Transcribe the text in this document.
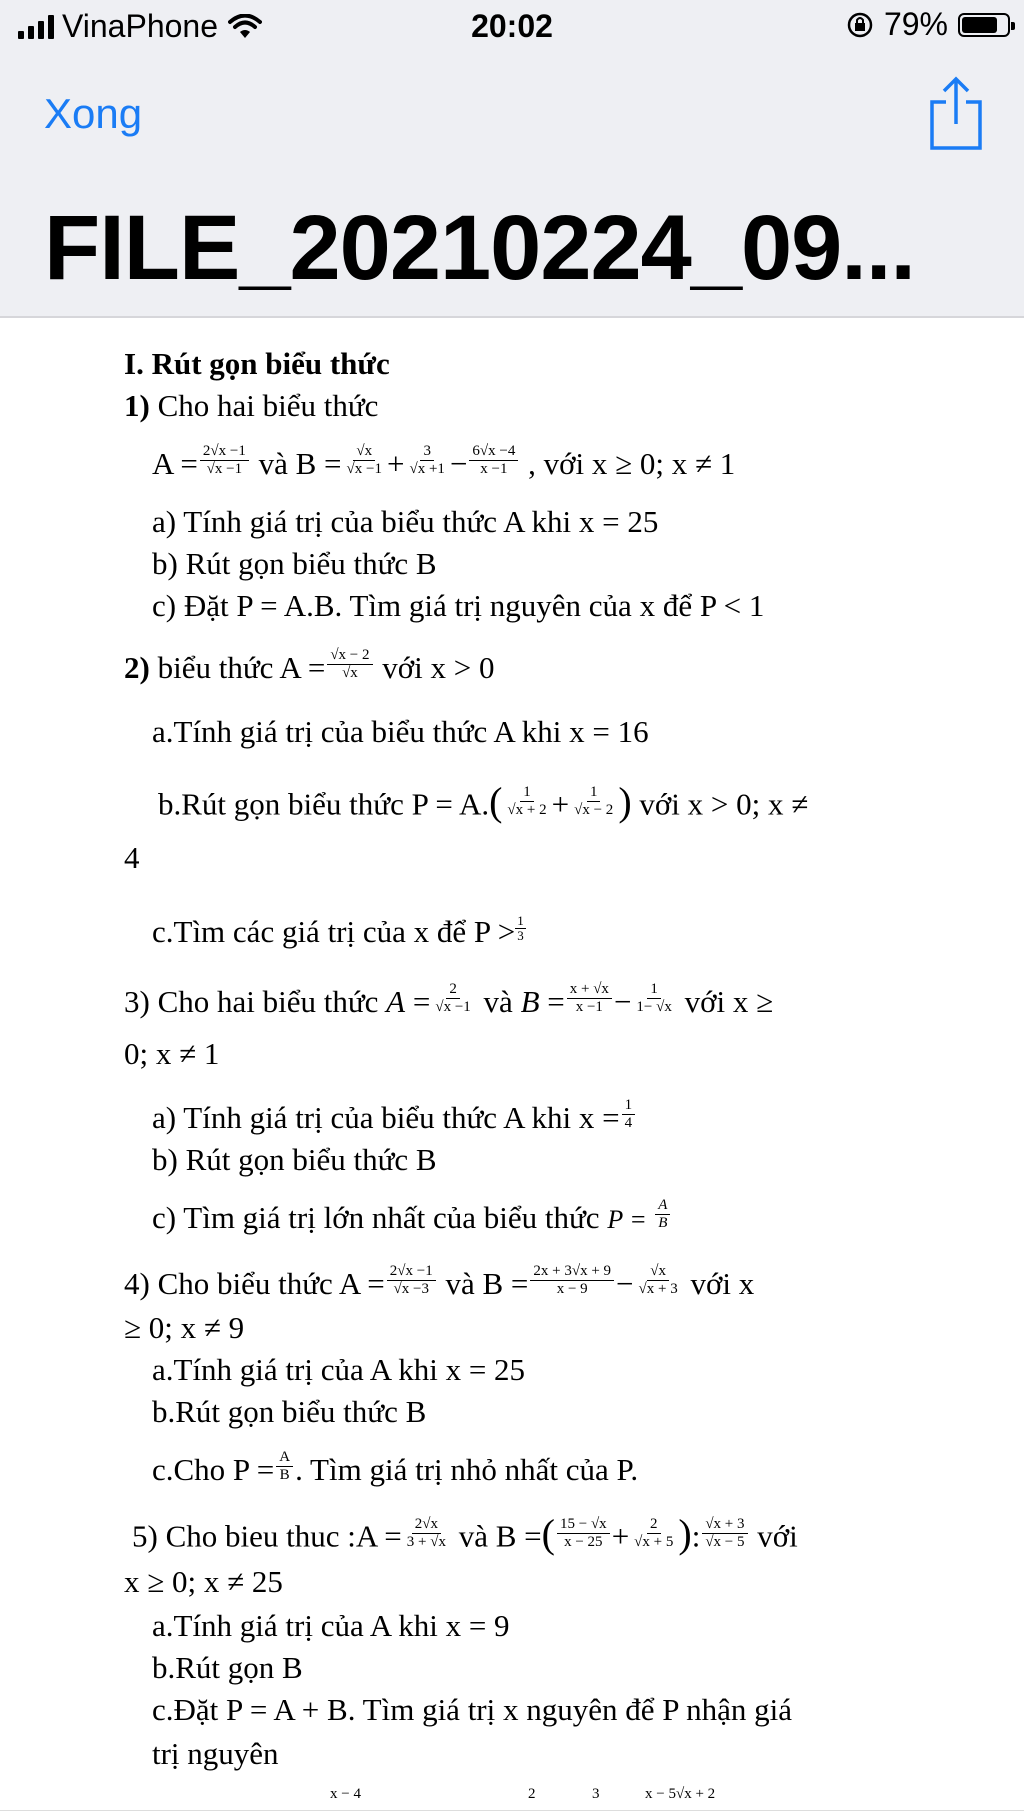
VinaPhone	20:02	79%
Xong
FILE_20210224_09...
I. Rút gọn biểu thức
1) Cho hai biểu thức
$A = \frac{2√x -1}{√x -1}$ và $B = \frac{√x}{√x -1} + \frac{3}{√x +1} - \frac{6√x -4}{x -1}$ , với x ≥ 0; x ≠ 1
a) Tính giá trị của biểu thức A khi x = 25
b) Rút gọn biểu thức B
c) Đặt P = A.B. Tìm giá trị nguyên của x để P < 1
2) biểu thức $A = \frac{√x - 2}{√x}$ với x > 0
a.Tính giá trị của biểu thức A khi x = 16
b.Rút gọn biểu thức $P = A.( \frac{1}{√x + 2} + \frac{1}{√x - 2}$ ) với x > 0; x ≠
4
c.Tìm các giá trị của x để $P > \frac{1}{3}$
3) Cho hai biểu thức $A = \frac{2}{√x -1}$ và $B = \frac{x + √x}{x -1} - \frac{1}{1- √x}$ với x ≥
0; x ≠ 1
a) Tính giá trị của biểu thức A khi $x = \frac{1}{4}$
b) Rút gọn biểu thức B
c) Tìm giá trị lớn nhất của biểu thức $P = \frac{A}{B}$
4) Cho biểu thức $A = \frac{2√x -1}{√x -3}$ và $B = \frac{2x + 3√x + 9}{x - 9} - \frac{√x}{√x + 3}$ với x
≥ 0; x ≠ 9
a.Tính giá trị của A khi x = 25
b.Rút gọn biểu thức B
c.Cho $P = \frac{A}{B}$ . Tìm giá trị nhỏ nhất của P.
5) Cho bieu thuc :A = $\frac{2√x}{3 + √x}$ và B =( $\frac{15 - √x}{x - 25} + \frac{2}{√x + 5}$ ): $\frac{√x + 3}{√x - 5}$ với
x ≥ 0; x ≠ 25
a.Tính giá trị của A khi x = 9
b.Rút gọn B
c.Đặt P = A + B. Tìm giá trị x nguyên để P nhận giá
trị nguyên
x − 4	2	3	x − 5√x + 2
